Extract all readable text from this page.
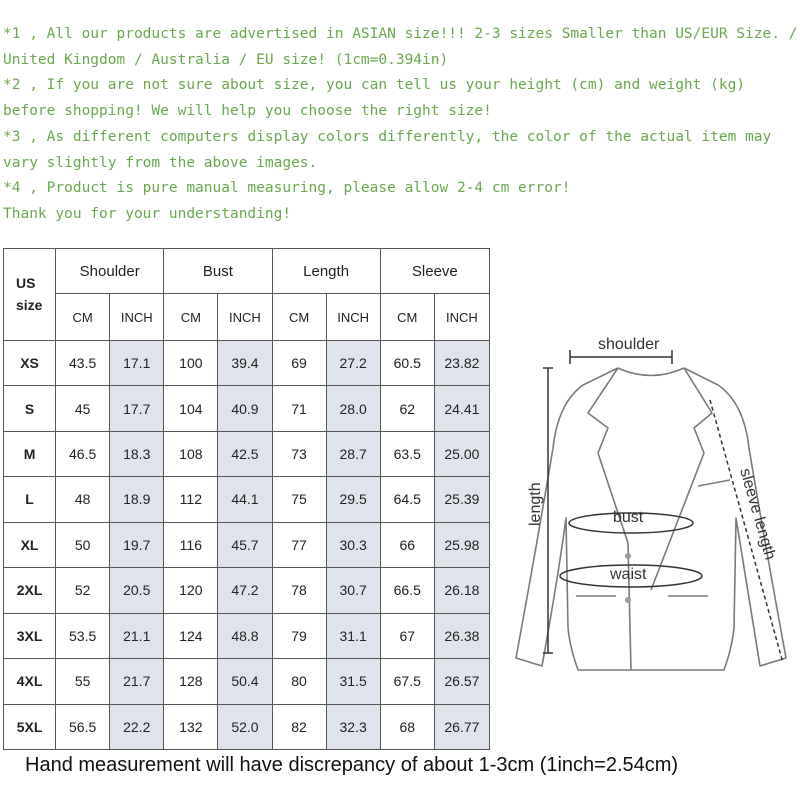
*1 , All our products are advertised in ASIAN size!!! 2-3 sizes Smaller than US/EUR Size. / United Kingdom / Australia / EU size! (1cm=0.394in)

*2 , If you are not sure about size, you can tell us your height (cm) and weight (kg) before shopping! We will help you choose the right size!

*3 , As different computers display colors differently, the color of the actual item may vary slightly from the above images.

*4 , Product is pure manual measuring, please allow 2-4 cm error!

Thank you for your understanding!

US size	Shoulder		Bust		Length		Sleeve	
	CM	INCH	CM	INCH	CM	INCH	CM	INCH
XS	43.5	17.1	100	39.4	69	27.2	60.5	23.82
S	45	17.7	104	40.9	71	28.0	62	24.41
M	46.5	18.3	108	42.5	73	28.7	63.5	25.00
L	48	18.9	112	44.1	75	29.5	64.5	25.39
XL	50	19.7	116	45.7	77	30.3	66	25.98
2XL	52	20.5	120	47.2	78	30.7	66.5	26.18
3XL	53.5	21.1	124	48.8	79	31.1	67	26.38
4XL	55	21.7	128	50.4	80	31.5	67.5	26.57
5XL	56.5	22.2	132	52.0	82	32.3	68	26.77
shoulder
bust
waist
length	sleeve length
Hand measurement will have discrepancy of about 1-3cm (1inch=2.54cm)
